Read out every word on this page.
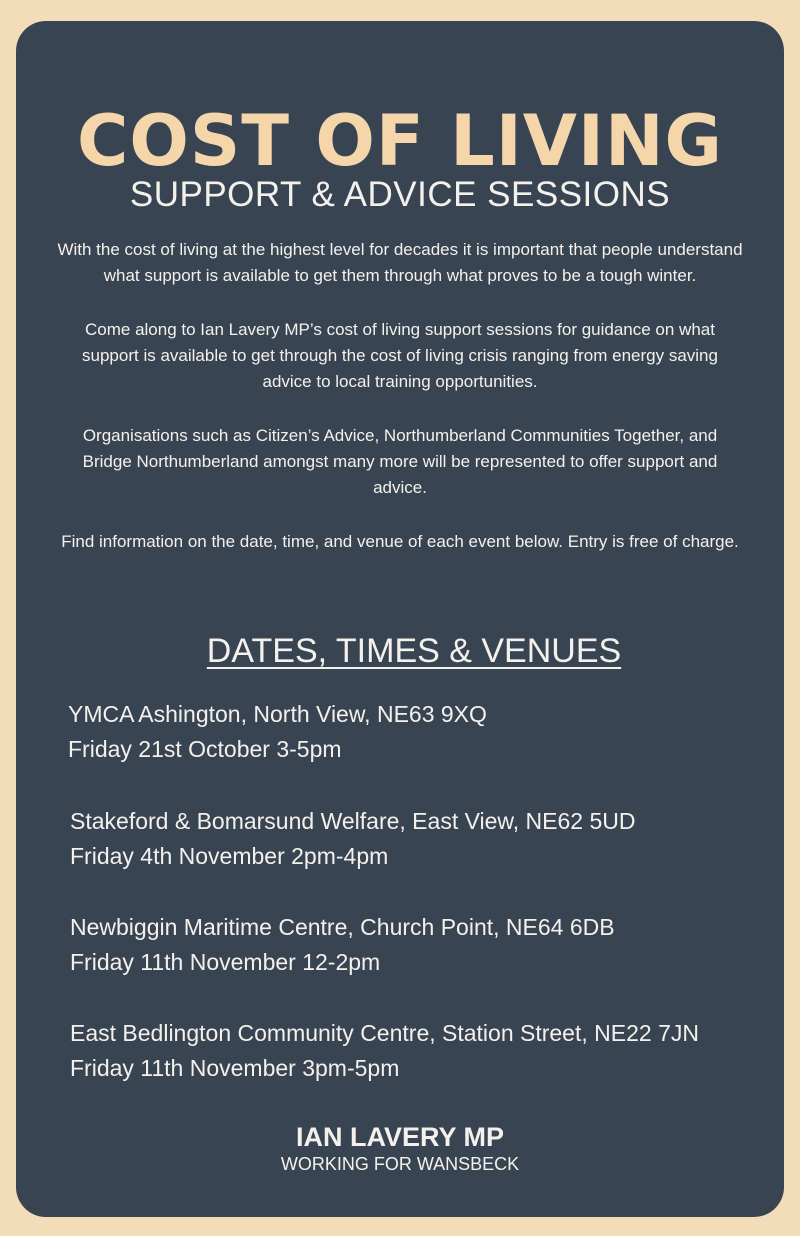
COST OF LIVING
SUPPORT & ADVICE SESSIONS

With the cost of living at the highest level for decades it is important that people understand what support is available to get them through what proves to be a tough winter.

Come along to Ian Lavery MP’s cost of living support sessions for guidance on what support is available to get through the cost of living crisis ranging from energy saving advice to local training opportunities.

Organisations such as Citizen’s Advice, Northumberland Communities Together, and Bridge Northumberland amongst many more will be represented to offer support and advice.

Find information on the date, time, and venue of each event below. Entry is free of charge.

DATES, TIMES & VENUES
YMCA Ashington, North View, NE63 9XQ
Friday 21st October 3-5pm
Stakeford & Bomarsund Welfare, East View, NE62 5UD
Friday 4th November 2pm-4pm
Newbiggin Maritime Centre, Church Point, NE64 6DB
Friday 11th November 12-2pm
East Bedlington Community Centre, Station Street, NE22 7JN
Friday 11th November 3pm-5pm
IAN LAVERY MP
WORKING FOR WANSBECK
